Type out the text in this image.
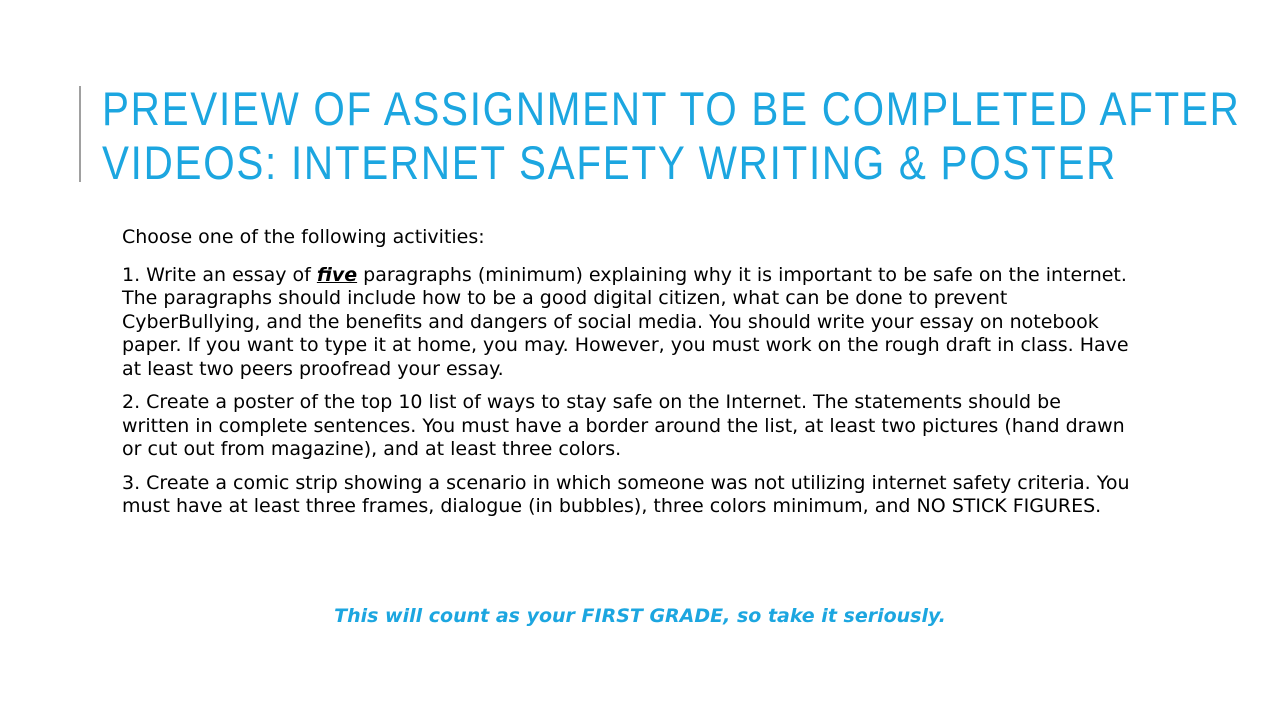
PREVIEW OF ASSIGNMENT TO BE COMPLETED AFTER
VIDEOS: INTERNET SAFETY WRITING & POSTER

Choose one of the following activities:

1. Write an essay of five paragraphs (minimum) explaining why it is important to be safe on the internet. The paragraphs should include how to be a good digital citizen, what can be done to prevent CyberBullying, and the benefits and dangers of social media. You should write your essay on notebook paper. If you want to type it at home, you may. However, you must work on the rough draft in class. Have at least two peers proofread your essay.

2. Create a poster of the top 10 list of ways to stay safe on the Internet. The statements should be written in complete sentences. You must have a border around the list, at least two pictures (hand drawn or cut out from magazine), and at least three colors.

3. Create a comic strip showing a scenario in which someone was not utilizing internet safety criteria. You must have at least three frames, dialogue (in bubbles), three colors minimum, and NO STICK FIGURES.

This will count as your FIRST GRADE, so take it seriously.
